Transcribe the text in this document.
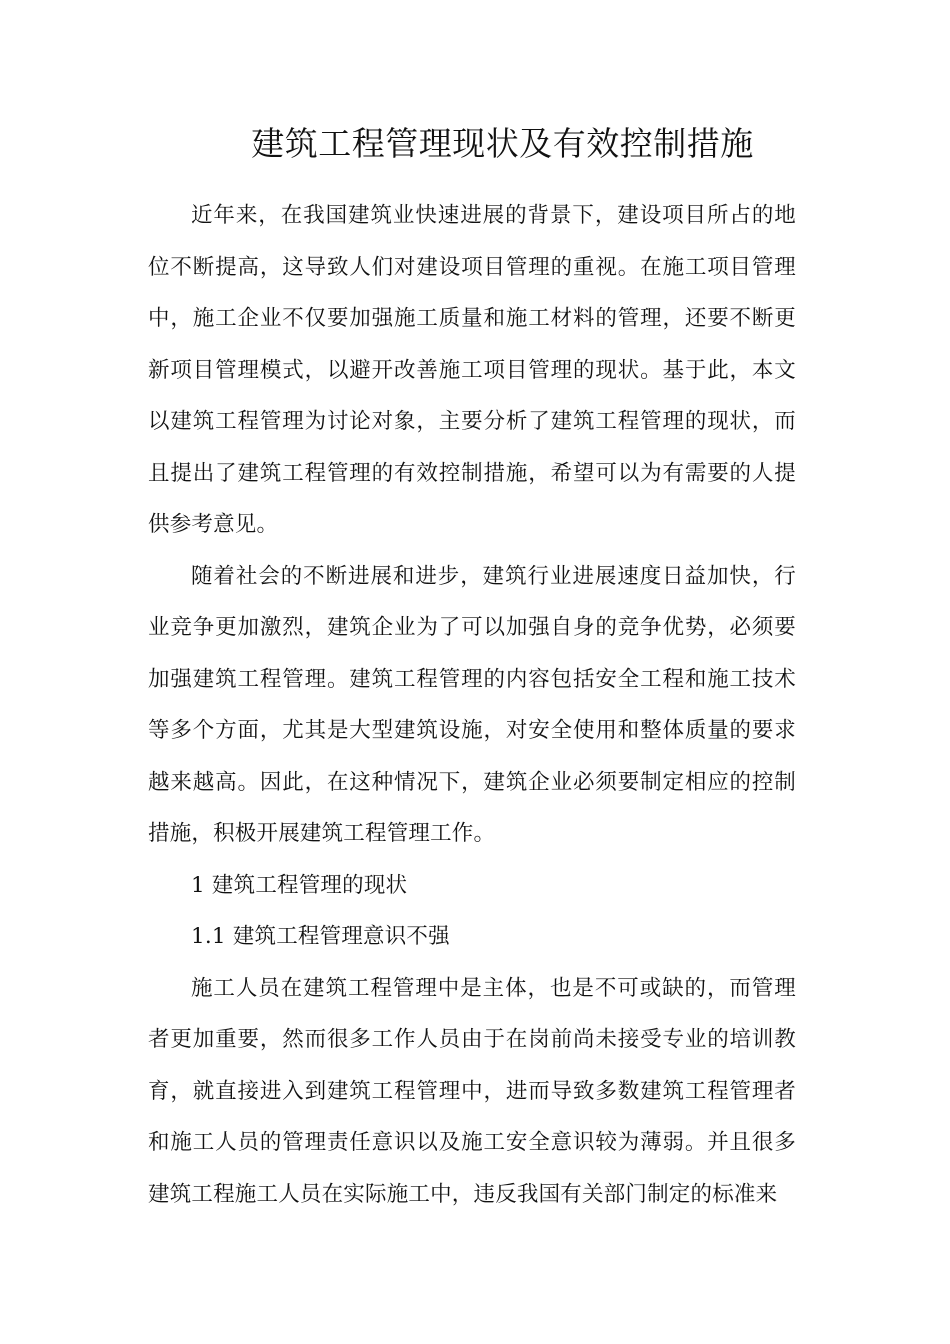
建筑工程管理现状及有效控制措施

近年来，在我国建筑业快速进展的背景下，建设项目所占的地位不断提高，这导致人们对建设项目管理的重视。在施工项目管理中，施工企业不仅要加强施工质量和施工材料的管理，还要不断更新项目管理模式，以避开改善施工项目管理的现状。基于此，本文以建筑工程管理为讨论对象，主要分析了建筑工程管理的现状，而且提出了建筑工程管理的有效控制措施，希望可以为有需要的人提供参考意见。

随着社会的不断进展和进步，建筑行业进展速度日益加快，行业竞争更加激烈，建筑企业为了可以加强自身的竞争优势，必须要加强建筑工程管理。建筑工程管理的内容包括安全工程和施工技术等多个方面，尤其是大型建筑设施，对安全使用和整体质量的要求越来越高。因此，在这种情况下，建筑企业必须要制定相应的控制措施，积极开展建筑工程管理工作。

1 建筑工程管理的现状

1.1 建筑工程管理意识不强

施工人员在建筑工程管理中是主体，也是不可或缺的，而管理者更加重要，然而很多工作人员由于在岗前尚未接受专业的培训教育，就直接进入到建筑工程管理中，进而导致多数建筑工程管理者和施工人员的管理责任意识以及施工安全意识较为薄弱。并且很多建筑工程施工人员在实际施工中，违反我国有关部门制定的标准来
